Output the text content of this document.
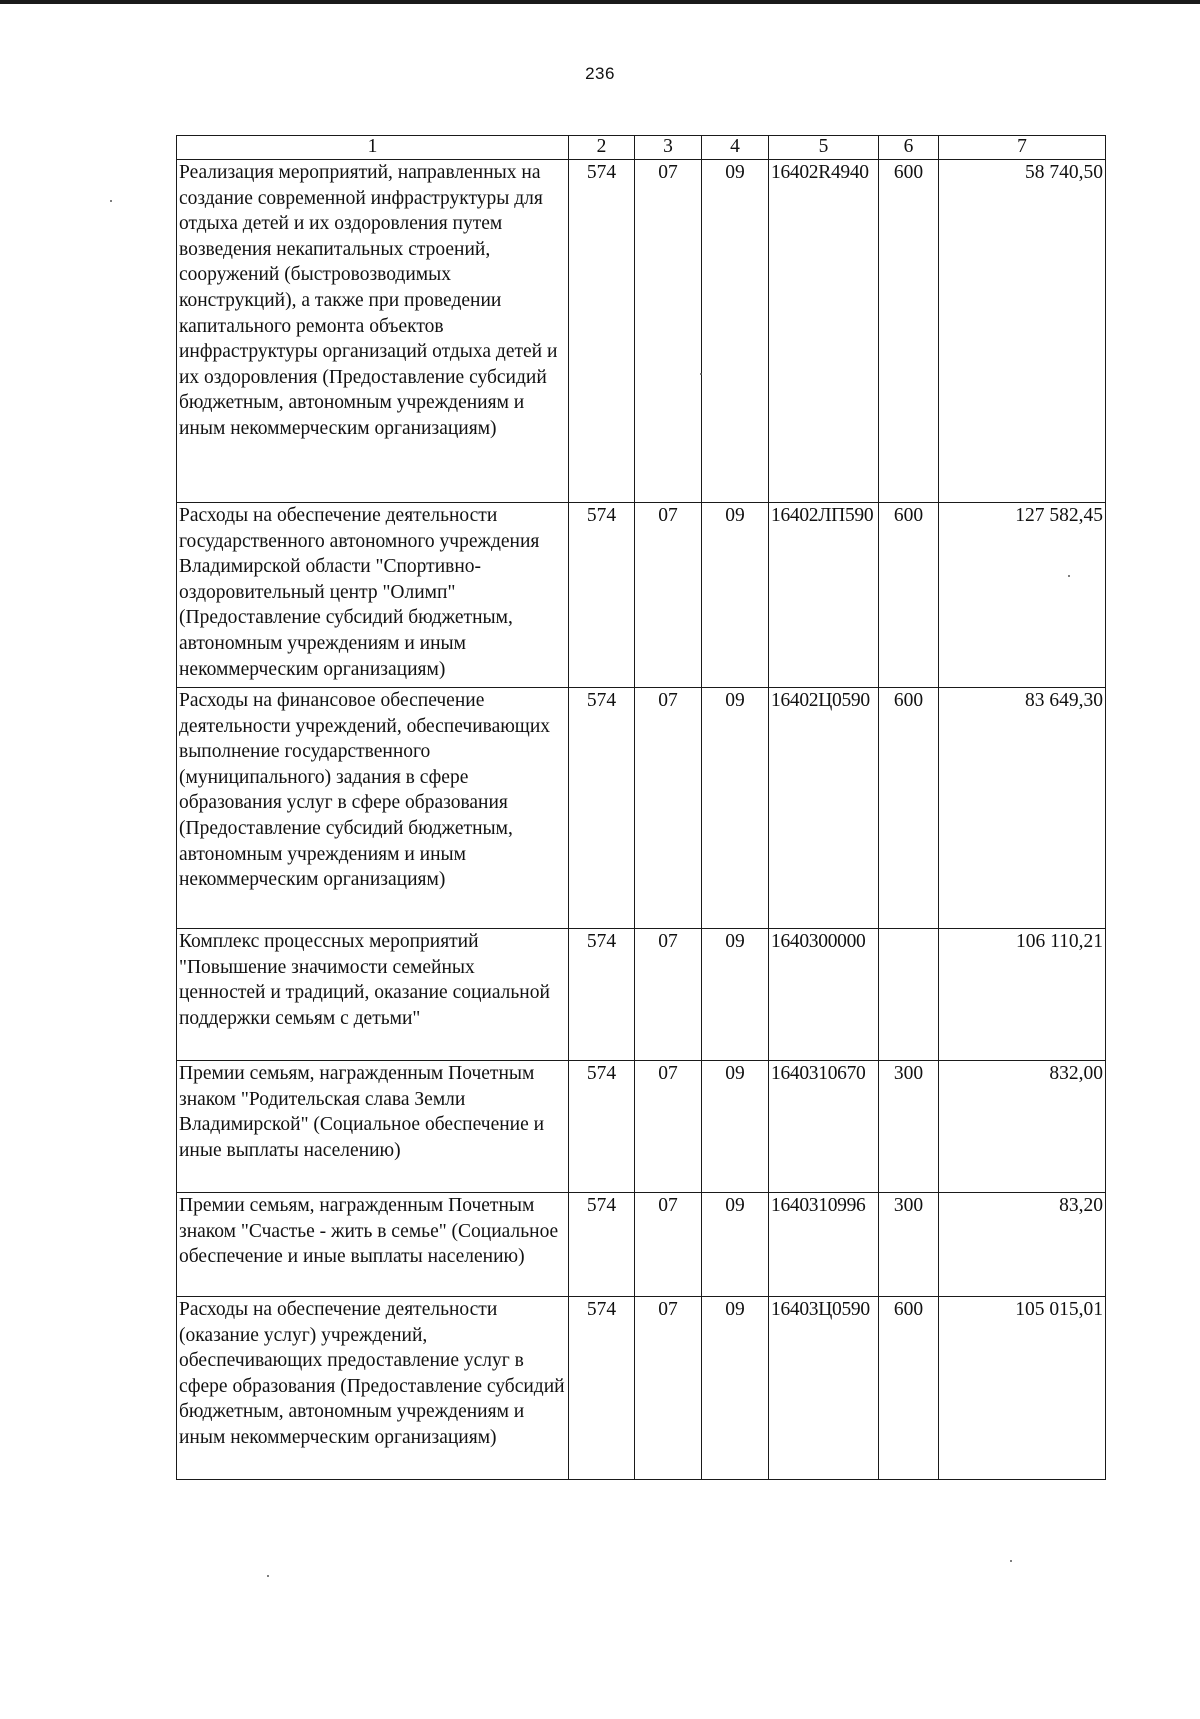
236
1	2	3	4	5	6	7
Реализация мероприятий, направленных на создание современной инфраструктуры для отдыха детей и их оздоровления путем возведения некапитальных строений, сооружений (быстровозводимых конструкций), а также при проведении капитального ремонта объектов инфраструктуры организаций отдыха детей и их оздоровления (Предоставление субсидий бюджетным, автономным учреждениям и иным некоммерческим организациям)	574	07	09	16402R4940	600	58 740,50
Расходы на обеспечение деятельности государственного автономного учреждения Владимирской области "Спортивно-оздоровительный центр "Олимп" (Предоставление субсидий бюджетным, автономным учреждениям и иным некоммерческим организациям)	574	07	09	16402ЛП590	600	127 582,45
Расходы на финансовое обеспечение деятельности учреждений, обеспечивающих выполнение государственного (муниципального) задания в сфере образования услуг в сфере образования (Предоставление субсидий бюджетным, автономным учреждениям и иным некоммерческим организациям)	574	07	09	16402Ц0590	600	83 649,30
Комплекс процессных мероприятий "Повышение значимости семейных ценностей и традиций, оказание социальной поддержки семьям с детьми"	574	07	09	1640300000		106 110,21
Премии семьям, награжденным Почетным знаком "Родительская слава Земли Владимирской" (Социальное обеспечение и иные выплаты населению)	574	07	09	1640310670	300	832,00
Премии семьям, награжденным Почетным знаком "Счастье - жить в семье" (Социальное обеспечение и иные выплаты населению)	574	07	09	1640310996	300	83,20
Расходы на обеспечение деятельности (оказание услуг) учреждений, обеспечивающих предоставление услуг в сфере образования (Предоставление субсидий бюджетным, автономным учреждениям и иным некоммерческим организациям)	574	07	09	16403Ц0590	600	105 015,01
